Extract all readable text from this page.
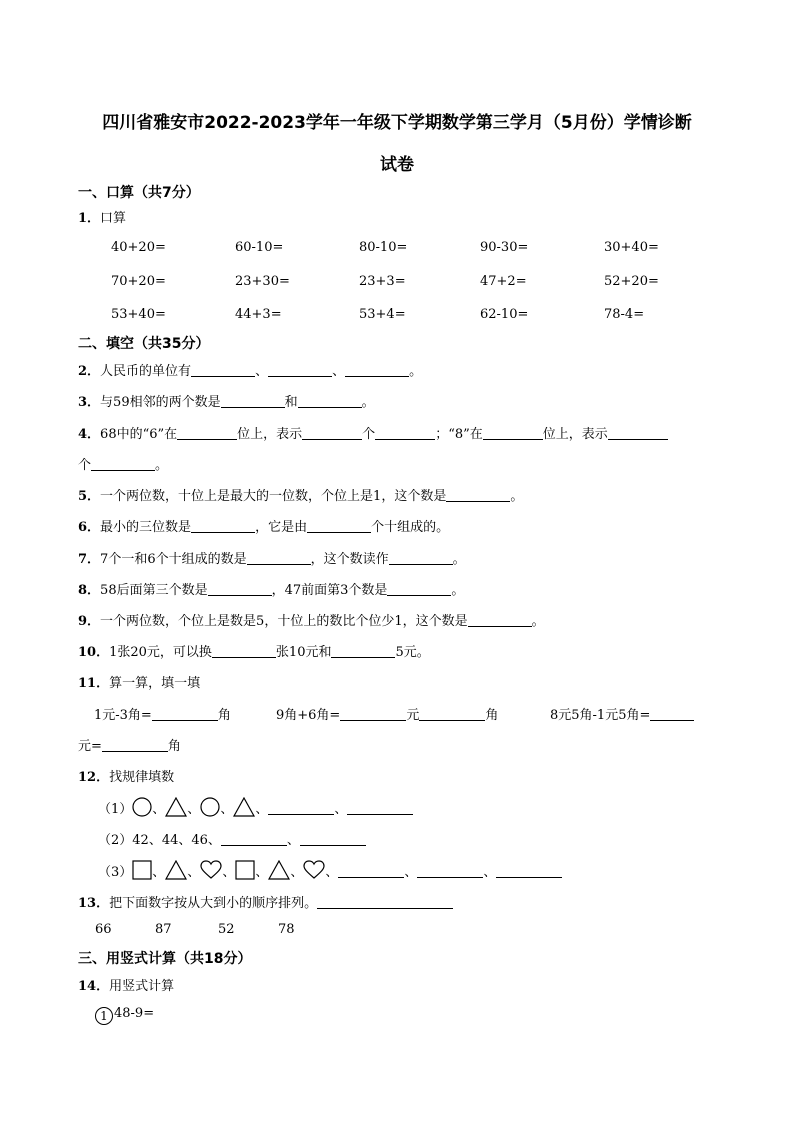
四川省雅安市2022-2023学年一年级下学期数学第三学月（5月份）学情诊断
试卷
一、口算（共7分）
1．口算
40+20=	60-10=	80-10=	90-30=	30+40=
70+20=	23+30=	23+3=	47+2=	52+20=
53+40=	44+3=	53+4=	62-10=	78-4=
二、填空（共35分）
2．人民币的单位有	、	、	。
3．与59相邻的两个数是	和	。
4．68中的“6”在	位上，表示	个	；“8”在	位上，表示
个	。
5．一个两位数，十位上是最大的一位数，个位上是1，这个数是	。
6．最小的三位数是	，它是由	个十组成的。
7．7个一和6个十组成的数是	，这个数读作	。
8．58后面第三个数是	，47前面第3个数是	。
9．一个两位数，个位上是数是5，十位上的数比个位少1，这个数是	。
10．1张20元，可以换	张10元和	5元。
11．算一算，填一填
1元-3角=	角	9角+6角=	元	角	8元5角-1元5角=
元=	角
12．找规律填数
（1） 、 、 、 、	、
（2）42、44、46、	、
（3） 、 、 、 、 、 、	、	、
13．把下面数字按从大到小的顺序排列。
66	87	52	78
三、用竖式计算（共18分）
14．用竖式计算
1 48-9=
